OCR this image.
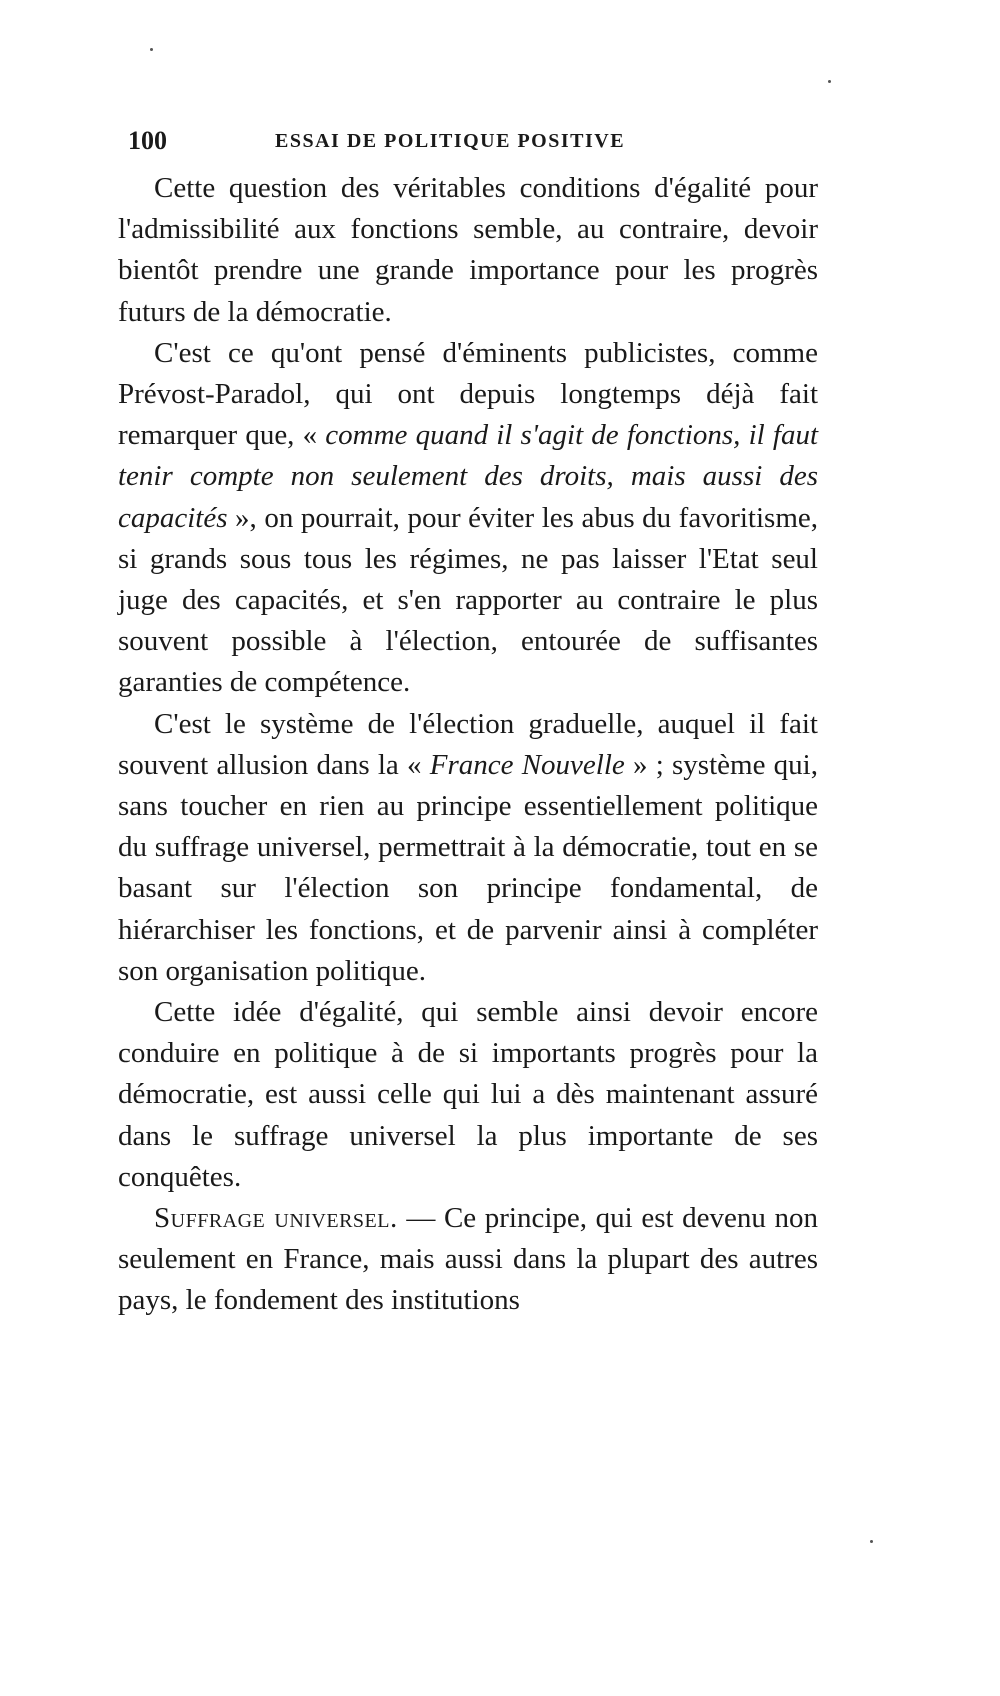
100	ESSAI DE POLITIQUE POSITIVE

Cette question des véritables conditions d'égalité pour l'admissibilité aux fonctions semble, au contraire, devoir bientôt prendre une grande importance pour les progrès futurs de la démocratie.

C'est ce qu'ont pensé d'éminents publicistes, comme Prévost-Paradol, qui ont depuis longtemps déjà fait remarquer que, « comme quand il s'agit de fonctions, il faut tenir compte non seulement des droits, mais aussi des capacités », on pourrait, pour éviter les abus du favoritisme, si grands sous tous les régimes, ne pas laisser l'Etat seul juge des capacités, et s'en rapporter au contraire le plus souvent possible à l'élection, entourée de suffisantes garanties de compétence.

C'est le système de l'élection graduelle, auquel il fait souvent allusion dans la « France Nouvelle » ; système qui, sans toucher en rien au principe essentiellement politique du suffrage universel, permettrait à la démocratie, tout en se basant sur l'élection son principe fondamental, de hiérarchiser les fonctions, et de parvenir ainsi à compléter son organisation politique.

Cette idée d'égalité, qui semble ainsi devoir encore conduire en politique à de si importants progrès pour la démocratie, est aussi celle qui lui a dès maintenant assuré dans le suffrage universel la plus importante de ses conquêtes.

Suffrage universel. — Ce principe, qui est devenu non seulement en France, mais aussi dans la plupart des autres pays, le fondement des institutions
